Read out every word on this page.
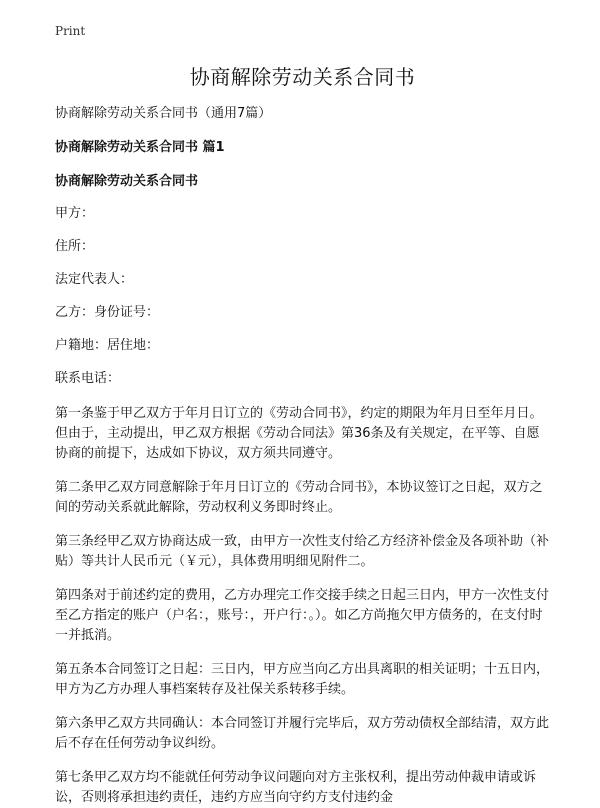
Print
协商解除劳动关系合同书
协商解除劳动关系合同书（通用7篇）
协商解除劳动关系合同书 篇1
协商解除劳动关系合同书
甲方：
住所：
法定代表人：
乙方：身份证号：
户籍地：居住地：
联系电话：
第一条鉴于甲乙双方于年月日订立的《劳动合同书》，约定的期限为年月日至年月日。但由于，主动提出，甲乙双方根据《劳动合同法》第36条及有关规定，在平等、自愿协商的前提下，达成如下协议，双方须共同遵守。
第二条甲乙双方同意解除于年月日订立的《劳动合同书》，本协议签订之日起，双方之间的劳动关系就此解除，劳动权利义务即时终止。
第三条经甲乙双方协商达成一致，由甲方一次性支付给乙方经济补偿金及各项补助（补贴）等共计人民币元（￥元），具体费用明细见附件二。
第四条对于前述约定的费用，乙方办理完工作交接手续之日起三日内，甲方一次性支付至乙方指定的账户（户名：，账号：，开户行：。）。如乙方尚拖欠甲方债务的，在支付时一并抵消。
第五条本合同签订之日起：三日内，甲方应当向乙方出具离职的相关证明；十五日内，甲方为乙方办理人事档案转存及社保关系转移手续。
第六条甲乙双方共同确认：本合同签订并履行完毕后，双方劳动债权全部结清，双方此后不存在任何劳动争议纠纷。
第七条甲乙双方均不能就任何劳动争议问题向对方主张权利，提出劳动仲裁申请或诉讼，否则将承担违约责任，违约方应当向守约方支付违约金
